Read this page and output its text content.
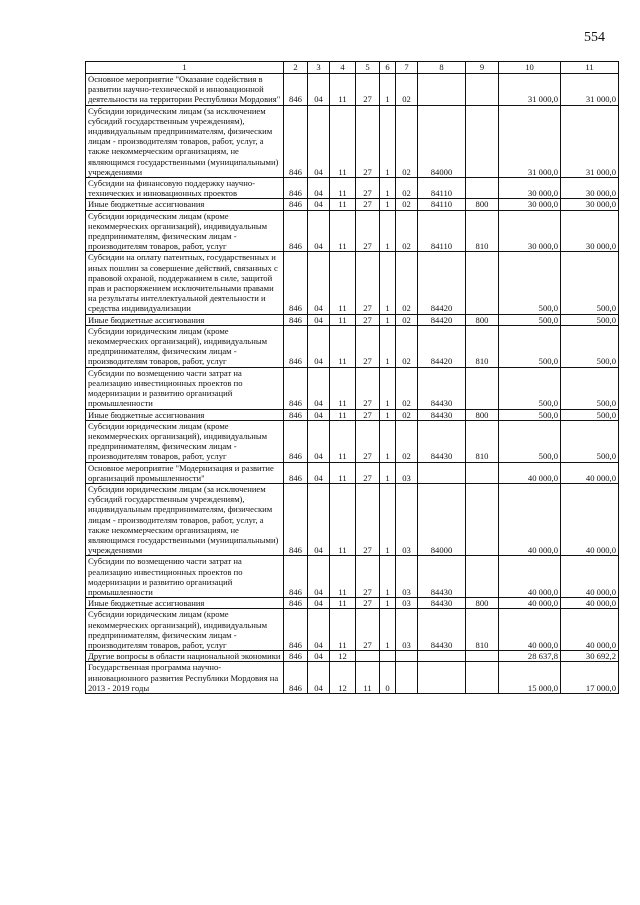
554
1	2	3	4	5	6	7	8	9	10	11
Основное мероприятие "Оказание содействия в развитии научно-технической и инновационной деятельности на территории Республики Мордовия"	846	04	11	27	1	02			31 000,0	31 000,0
Субсидии юридическим лицам (за исключением субсидий государственным учреждениям), индивидуальным предпринимателям, физическим лицам - производителям товаров, работ, услуг, а также некоммерческим организациям, не являющимся государственными (муниципальными) учреждениями	846	04	11	27	1	02	84000		31 000,0	31 000,0
Субсидии на финансовую поддержку научно-технических и инновационных проектов	846	04	11	27	1	02	84110		30 000,0	30 000,0
Иные бюджетные ассигнования	846	04	11	27	1	02	84110	800	30 000,0	30 000,0
Субсидии юридическим лицам (кроме некоммерческих организаций), индивидуальным предпринимателям, физическим лицам - производителям товаров, работ, услуг	846	04	11	27	1	02	84110	810	30 000,0	30 000,0
Субсидии на оплату патентных, государственных и иных пошлин за совершение действий, связанных с правовой охраной, поддержанием в силе, защитой прав и распоряжением исключительными правами на результаты интеллектуальной деятельности и средства индивидуализации	846	04	11	27	1	02	84420		500,0	500,0
Иные бюджетные ассигнования	846	04	11	27	1	02	84420	800	500,0	500,0
Субсидии юридическим лицам (кроме некоммерческих организаций), индивидуальным предпринимателям, физическим лицам - производителям товаров, работ, услуг	846	04	11	27	1	02	84420	810	500,0	500,0
Субсидии по возмещению части затрат на реализацию инвестиционных проектов по модернизации и развитию организаций промышленности	846	04	11	27	1	02	84430		500,0	500,0
Иные бюджетные ассигнования	846	04	11	27	1	02	84430	800	500,0	500,0
Субсидии юридическим лицам (кроме некоммерческих организаций), индивидуальным предпринимателям, физическим лицам - производителям товаров, работ, услуг	846	04	11	27	1	02	84430	810	500,0	500,0
Основное мероприятие "Модернизация и развитие организаций промышленности"	846	04	11	27	1	03			40 000,0	40 000,0
Субсидии юридическим лицам (за исключением субсидий государственным учреждениям), индивидуальным предпринимателям, физическим лицам - производителям товаров, работ, услуг, а также некоммерческим организациям, не являющимся государственными (муниципальными) учреждениями	846	04	11	27	1	03	84000		40 000,0	40 000,0
Субсидии по возмещению части затрат на реализацию инвестиционных проектов по модернизации и развитию организаций промышленности	846	04	11	27	1	03	84430		40 000,0	40 000,0
Иные бюджетные ассигнования	846	04	11	27	1	03	84430	800	40 000,0	40 000,0
Субсидии юридическим лицам (кроме некоммерческих организаций), индивидуальным предпринимателям, физическим лицам - производителям товаров, работ, услуг	846	04	11	27	1	03	84430	810	40 000,0	40 000,0
Другие вопросы в области национальной экономики	846	04	12						28 637,8	30 692,2
Государственная программа научно-инновационного развития Республики Мордовия на 2013 - 2019 годы	846	04	12	11	0				15 000,0	17 000,0
